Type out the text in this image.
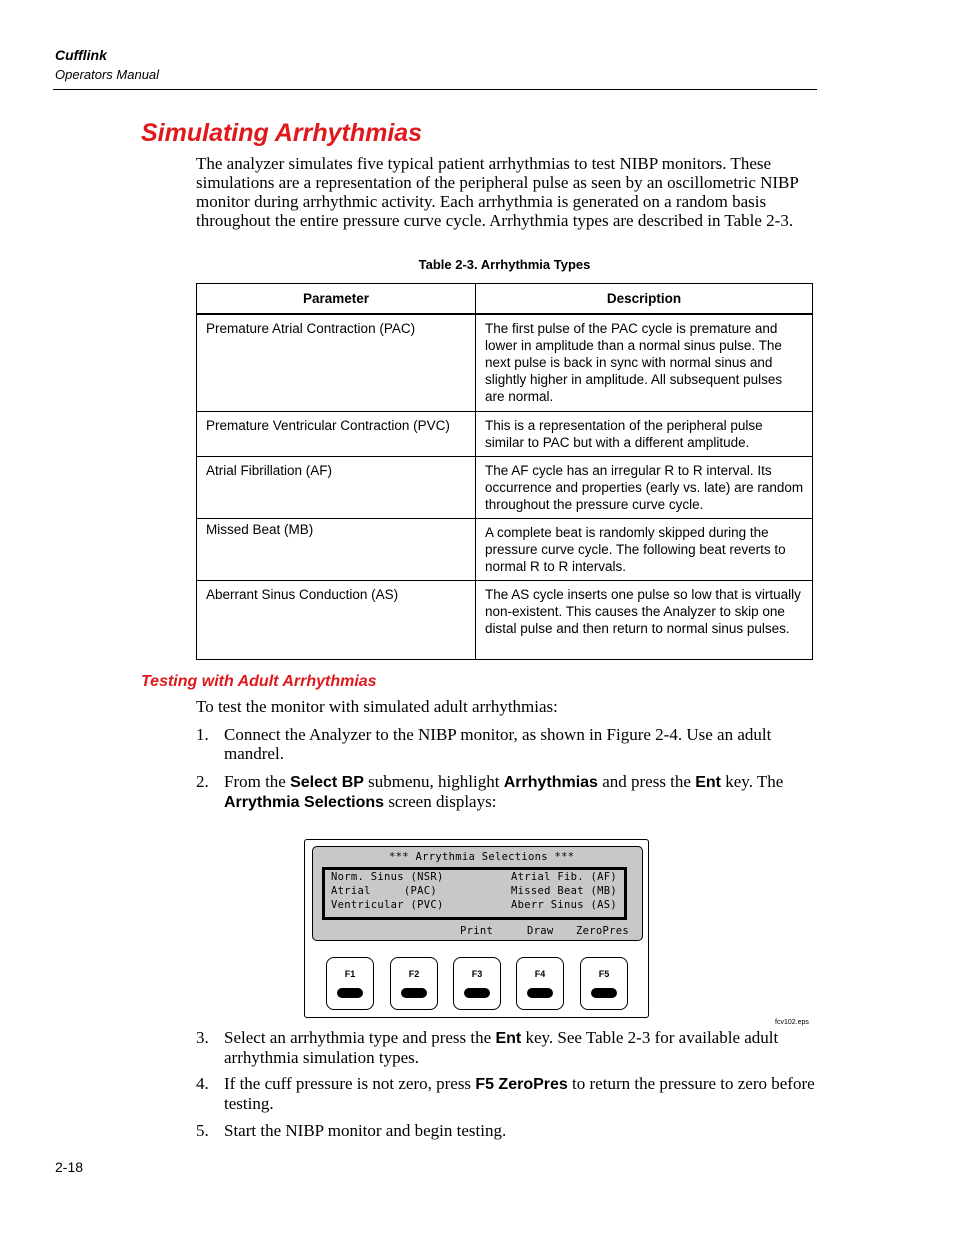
Cufflink
Operators Manual
Simulating Arrhythmias
The analyzer simulates five typical patient arrhythmias to test NIBP monitors. These simulations are a representation of the peripheral pulse as seen by an oscillometric NIBP monitor during arrhythmic activity. Each arrhythmia is generated on a random basis throughout the entire pressure curve cycle. Arrhythmia types are described in Table 2-3.
Table 2-3. Arrhythmia Types
Parameter	Description
Premature Atrial Contraction (PAC)	The first pulse of the PAC cycle is premature and lower in amplitude than a normal sinus pulse. The next pulse is back in sync with normal sinus and slightly higher in amplitude. All subsequent pulses are normal.
Premature Ventricular Contraction (PVC)	This is a representation of the peripheral pulse similar to PAC but with a different amplitude.
Atrial Fibrillation (AF)	The AF cycle has an irregular R to R interval. Its occurrence and properties (early vs. late) are random throughout the pressure curve cycle.
Missed Beat (MB)	A complete beat is randomly skipped during the pressure curve cycle. The following beat reverts to normal R to R intervals.
Aberrant Sinus Conduction (AS)	The AS cycle inserts one pulse so low that is virtually non-existent. This causes the Analyzer to skip one distal pulse and then return to normal sinus pulses.
Testing with Adult Arrhythmias
To test the monitor with simulated adult arrhythmias:
1. Connect the Analyzer to the NIBP monitor, as shown in Figure 2-4. Use an adult mandrel.
2. From the Select BP submenu, highlight Arrhythmias and press the Ent key. The
Arrythmia Selections screen displays:
*** Arrythmia Selections ***
Norm. Sinus (NSR)
Atrial     (PAC)
Ventricular (PVC)
Atrial Fib. (AF)
Missed Beat (MB)
Aberr Sinus (AS)
Print	Draw ZeroPres
F1	F2	F3	F4	F5
fcv102.eps
3. Select an arrhythmia type and press the Ent key. See Table 2-3 for available adult arrhythmia simulation types.
4. If the cuff pressure is not zero, press F5 ZeroPres to return the pressure to zero before testing.
5. Start the NIBP monitor and begin testing.
2-18
